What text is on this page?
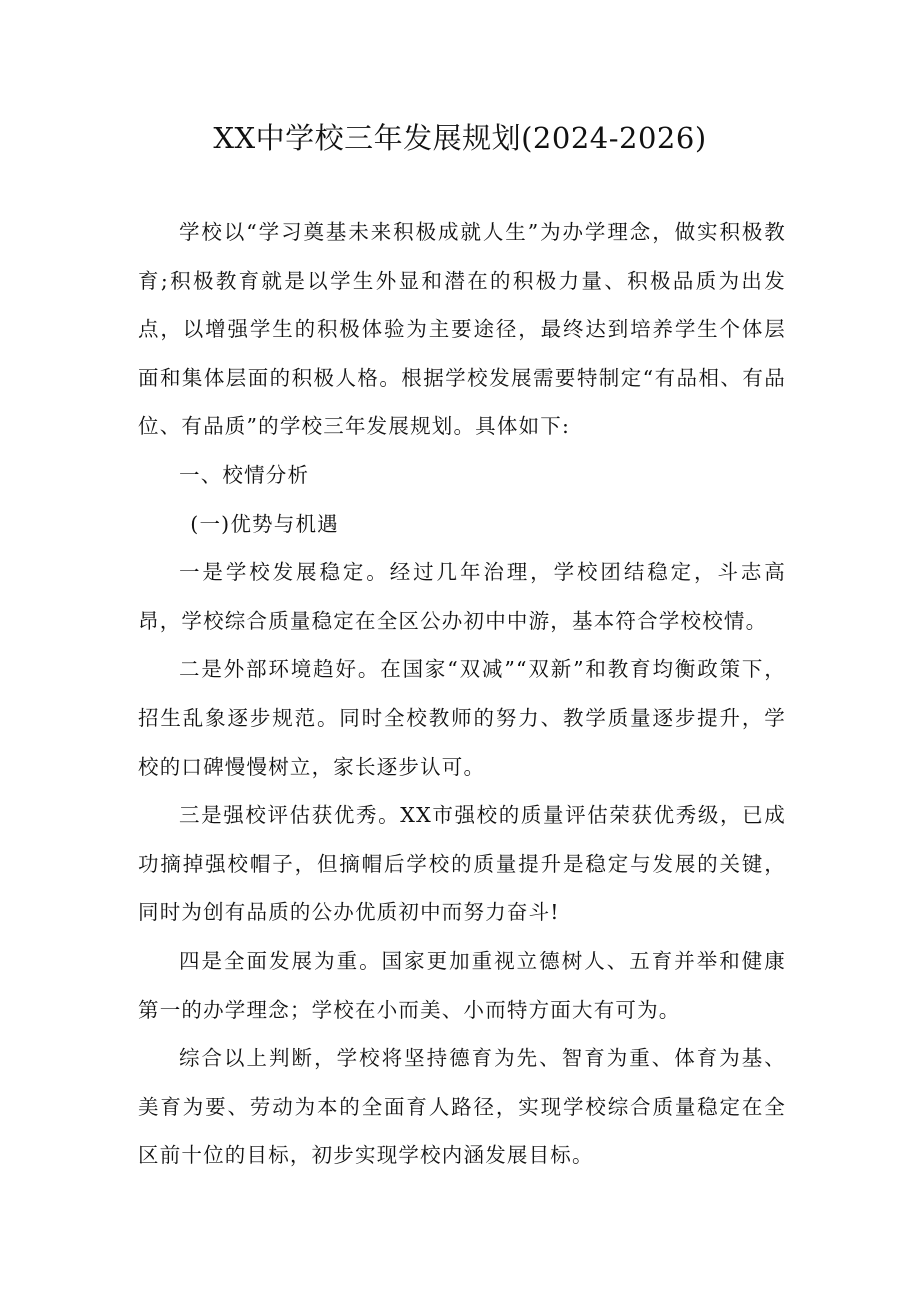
XX中学校三年发展规划(2024-2026)

学校以“学习奠基未来积极成就人生”为办学理念，做实积极教育;积极教育就是以学生外显和潜在的积极力量、积极品质为出发点，以增强学生的积极体验为主要途径，最终达到培养学生个体层面和集体层面的积极人格。根据学校发展需要特制定“有品相、有品位、有品质”的学校三年发展规划。具体如下:

一、校情分析

(一)优势与机遇

一是学校发展稳定。经过几年治理，学校团结稳定，斗志高昂，学校综合质量稳定在全区公办初中中游，基本符合学校校情。

二是外部环境趋好。在国家“双减”“双新”和教育均衡政策下，招生乱象逐步规范。同时全校教师的努力、教学质量逐步提升，学校的口碑慢慢树立，家长逐步认可。

三是强校评估获优秀。XX市强校的质量评估荣获优秀级，已成功摘掉强校帽子，但摘帽后学校的质量提升是稳定与发展的关键，同时为创有品质的公办优质初中而努力奋斗!

四是全面发展为重。国家更加重视立德树人、五育并举和健康第一的办学理念；学校在小而美、小而特方面大有可为。

综合以上判断，学校将坚持德育为先、智育为重、体育为基、美育为要、劳动为本的全面育人路径，实现学校综合质量稳定在全区前十位的目标，初步实现学校内涵发展目标。
